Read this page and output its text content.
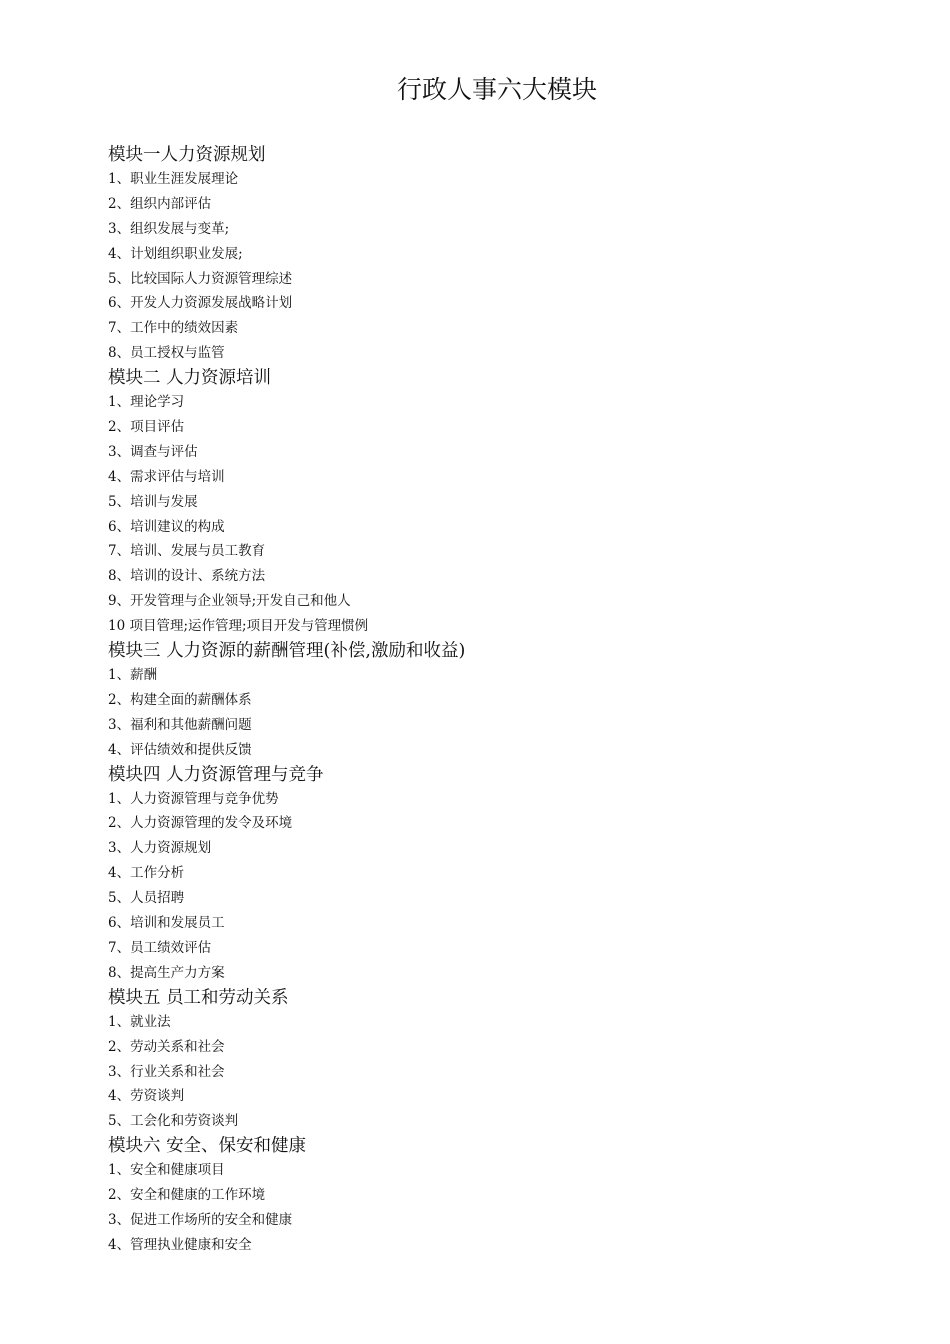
行政人事六大模块
模块一人力资源规划
1、职业生涯发展理论
2、组织内部评估
3、组织发展与变革;
4、计划组织职业发展;
5、比较国际人力资源管理综述
6、开发人力资源发展战略计划
7、工作中的绩效因素
8、员工授权与监管
模块二 人力资源培训
1、理论学习
2、项目评估
3、调查与评估
4、需求评估与培训
5、培训与发展
6、培训建议的构成
7、培训、发展与员工教育
8、培训的设计、系统方法
9、开发管理与企业领导;开发自己和他人
10 项目管理;运作管理;项目开发与管理惯例
模块三 人力资源的薪酬管理(补偿,激励和收益)
1、薪酬
2、构建全面的薪酬体系
3、福利和其他薪酬问题
4、评估绩效和提供反馈
模块四 人力资源管理与竞争
1、人力资源管理与竞争优势
2、人力资源管理的发令及环境
3、人力资源规划
4、工作分析
5、人员招聘
6、培训和发展员工
7、员工绩效评估
8、提高生产力方案
模块五 员工和劳动关系
1、就业法
2、劳动关系和社会
3、行业关系和社会
4、劳资谈判
5、工会化和劳资谈判
模块六 安全、保安和健康
1、安全和健康项目
2、安全和健康的工作环境
3、促进工作场所的安全和健康
4、管理执业健康和安全
